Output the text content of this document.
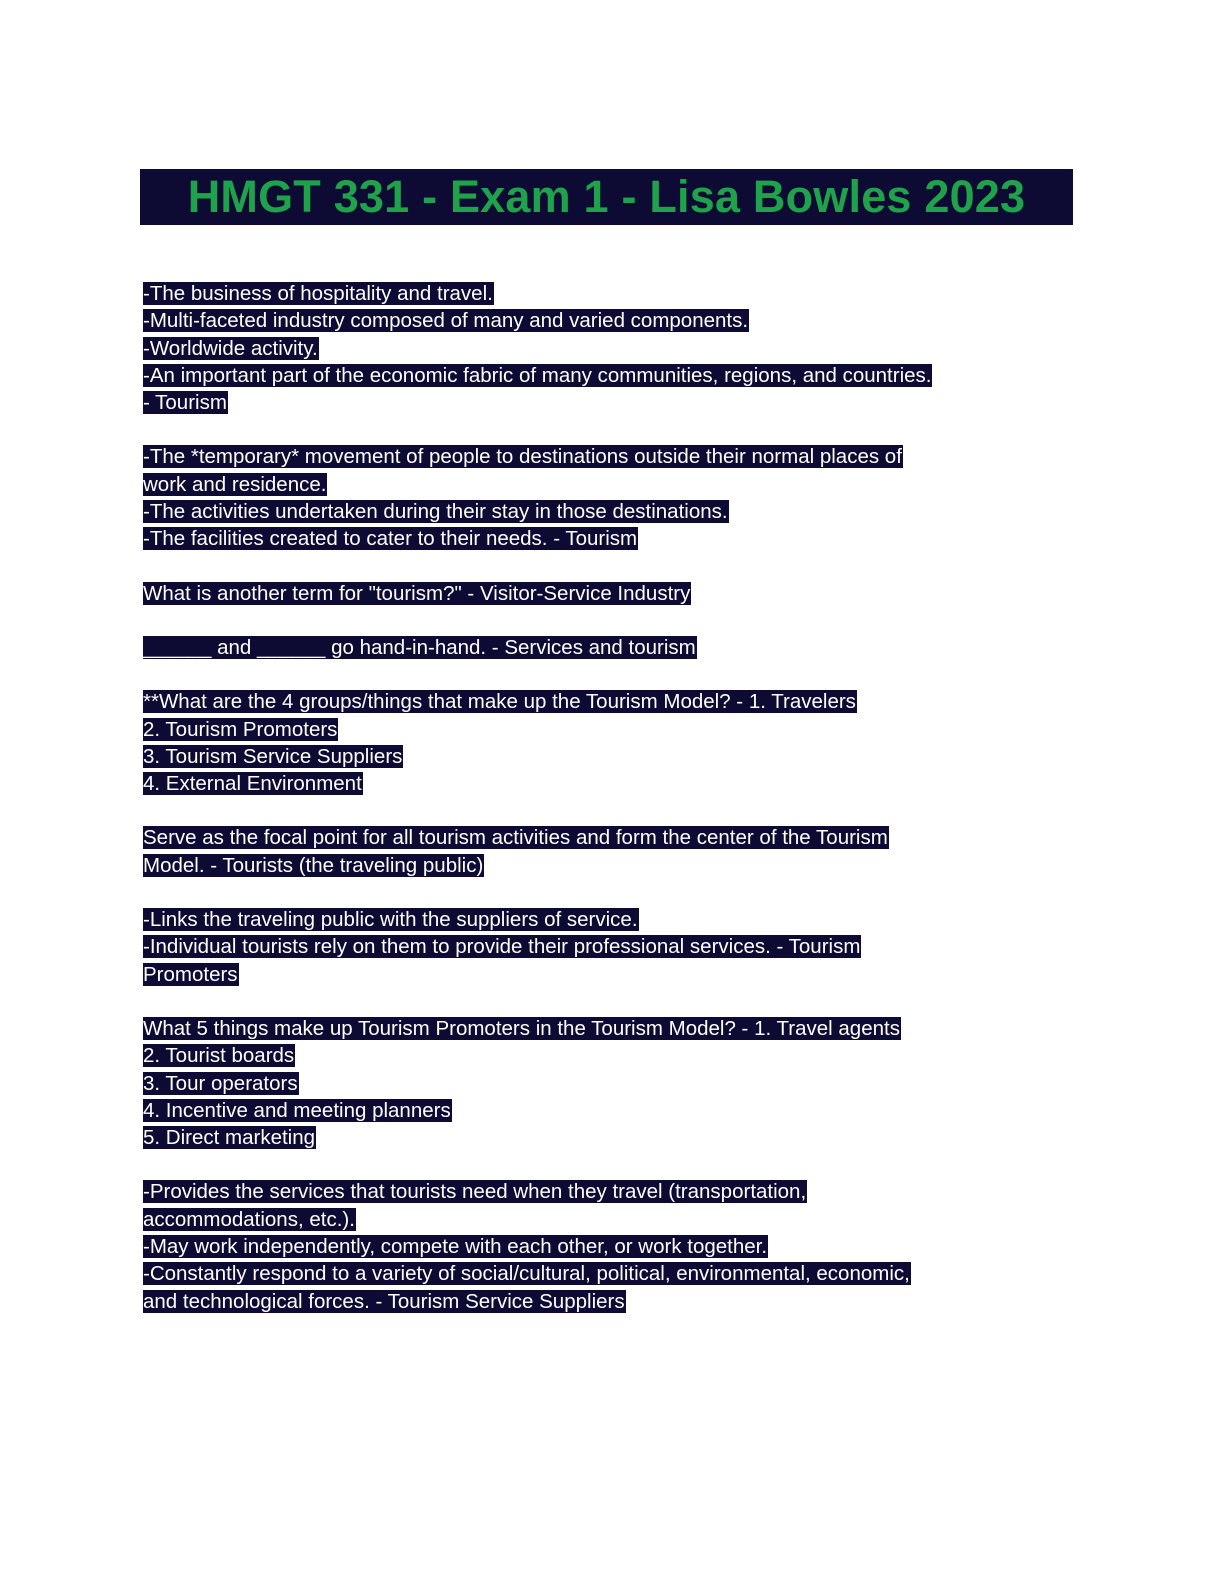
HMGT 331 - Exam 1 - Lisa Bowles 2023
-The business of hospitality and travel.
-Multi-faceted industry composed of many and varied components.
-Worldwide activity.
-An important part of the economic fabric of many communities, regions, and countries.
- Tourism
-The *temporary* movement of people to destinations outside their normal places of
work and residence.
-The activities undertaken during their stay in those destinations.
-The facilities created to cater to their needs. - Tourism
What is another term for "tourism?" - Visitor-Service Industry
______ and ______ go hand-in-hand. - Services and tourism
**What are the 4 groups/things that make up the Tourism Model? - 1. Travelers
2. Tourism Promoters
3. Tourism Service Suppliers
4. External Environment
Serve as the focal point for all tourism activities and form the center of the Tourism
Model. - Tourists (the traveling public)
-Links the traveling public with the suppliers of service.
-Individual tourists rely on them to provide their professional services. - Tourism
Promoters
What 5 things make up Tourism Promoters in the Tourism Model? - 1. Travel agents
2. Tourist boards
3. Tour operators
4. Incentive and meeting planners
5. Direct marketing
-Provides the services that tourists need when they travel (transportation,
accommodations, etc.).
-May work independently, compete with each other, or work together.
-Constantly respond to a variety of social/cultural, political, environmental, economic,
and technological forces. - Tourism Service Suppliers
